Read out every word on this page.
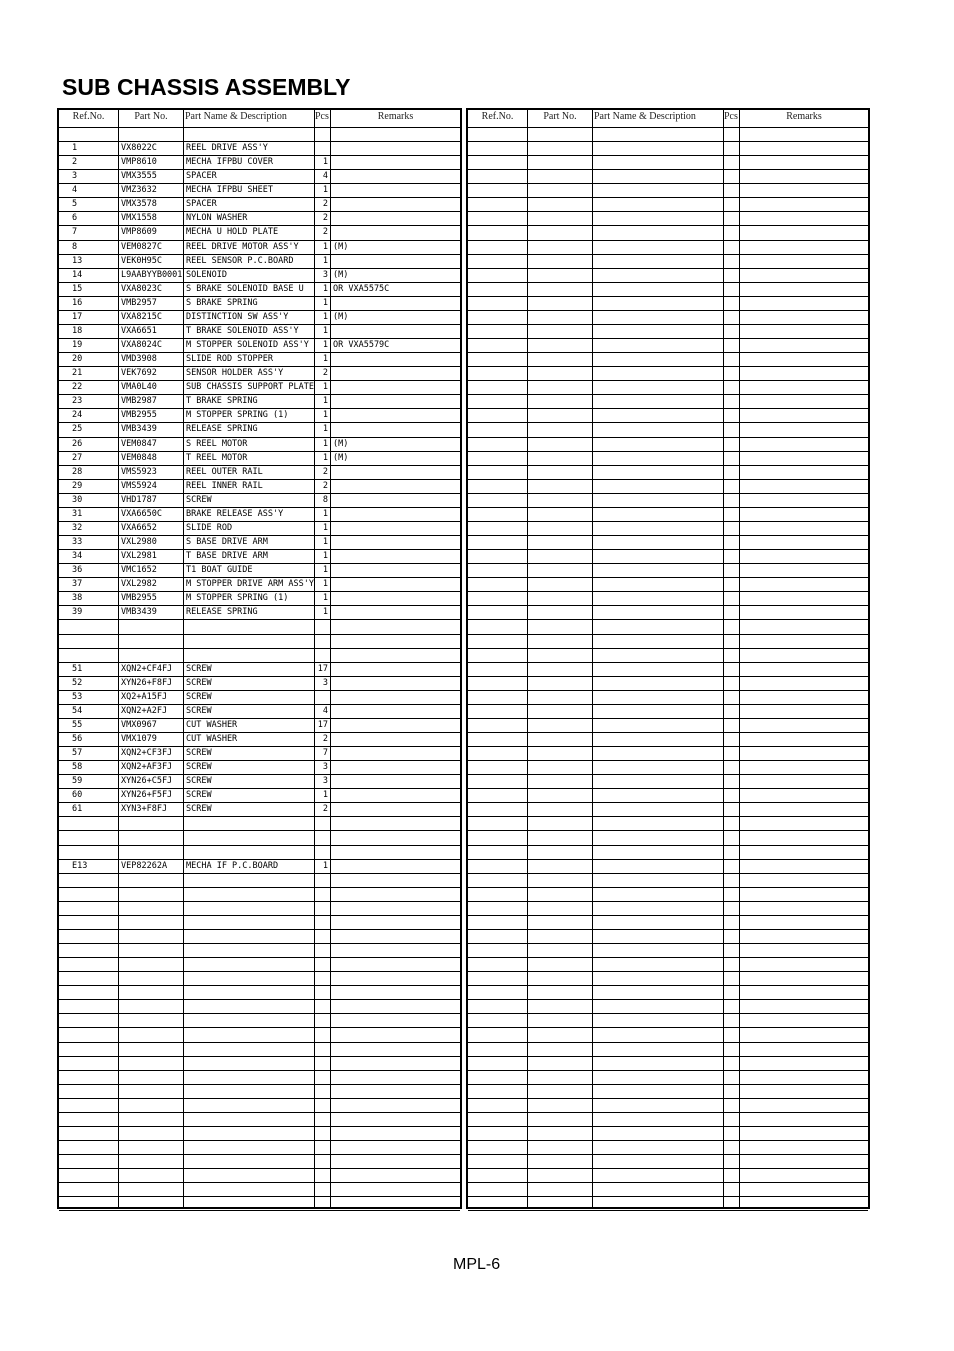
SUB CHASSIS ASSEMBLY
Ref.No.	Part No.	Part Name & Description	Pcs	Remarks
1	VX8022C	REEL DRIVE ASS'Y
2	VMP8610	MECHA IFPBU COVER	1
3	VMX3555	SPACER	4
4	VMZ3632	MECHA IFPBU SHEET	1
5	VMX3578	SPACER	2
6	VMX1558	NYLON WASHER	2
7	VMP8609	MECHA U HOLD PLATE	2
8	VEM0827C	REEL DRIVE MOTOR ASS'Y	1 (M)
13	VEK0H95C	REEL SENSOR P.C.BOARD	1
14	L9AABYYB0001 SOLENOID	3 (M)
15	VXA8023C	S BRAKE SOLENOID BASE U	1 OR VXA5575C
16	VMB2957	S BRAKE SPRING	1
17	VXA8215C	DISTINCTION SW ASS'Y	1 (M)
18	VXA6651	T BRAKE SOLENOID ASS'Y	1
19	VXA8024C	M STOPPER SOLENOID ASS'Y	1 OR VXA5579C
20	VMD3908	SLIDE ROD STOPPER	1
21	VEK7692	SENSOR HOLDER ASS'Y	2
22	VMA0L40	SUB CHASSIS SUPPORT PLATE	1
23	VMB2987	T BRAKE SPRING	1
24	VMB2955	M STOPPER SPRING (1)	1
25	VMB3439	RELEASE SPRING	1
26	VEM0847	S REEL MOTOR	1 (M)
27	VEM0848	T REEL MOTOR	1 (M)
28	VMS5923	REEL OUTER RAIL	2
29	VMS5924	REEL INNER RAIL	2
30	VHD1787	SCREW	8
31	VXA6650C	BRAKE RELEASE ASS'Y	1
32	VXA6652	SLIDE ROD	1
33	VXL2980	S BASE DRIVE ARM	1
34	VXL2981	T BASE DRIVE ARM	1
36	VMC1652	T1 BOAT GUIDE	1
37	VXL2982	M STOPPER DRIVE ARM ASS'Y	1
38	VMB2955	M STOPPER SPRING (1)	1
39	VMB3439	RELEASE SPRING	1
51	XQN2+CF4FJ	SCREW	17
52	XYN26+F8FJ	SCREW	3
53	XQ2+A15FJ	SCREW
54	XQN2+A2FJ	SCREW	4
55	VMX0967	CUT WASHER	17
56	VMX1079	CUT WASHER	2
57	XQN2+CF3FJ	SCREW	7
58	XQN2+AF3FJ	SCREW	3
59	XYN26+C5FJ	SCREW	3
60	XYN26+F5FJ	SCREW	1
61	XYN3+F8FJ	SCREW	2
E13	VEP82262A	MECHA IF P.C.BOARD	1
Ref.No.	Part No.	Part Name & Description	Pcs	Remarks
MPL-6
